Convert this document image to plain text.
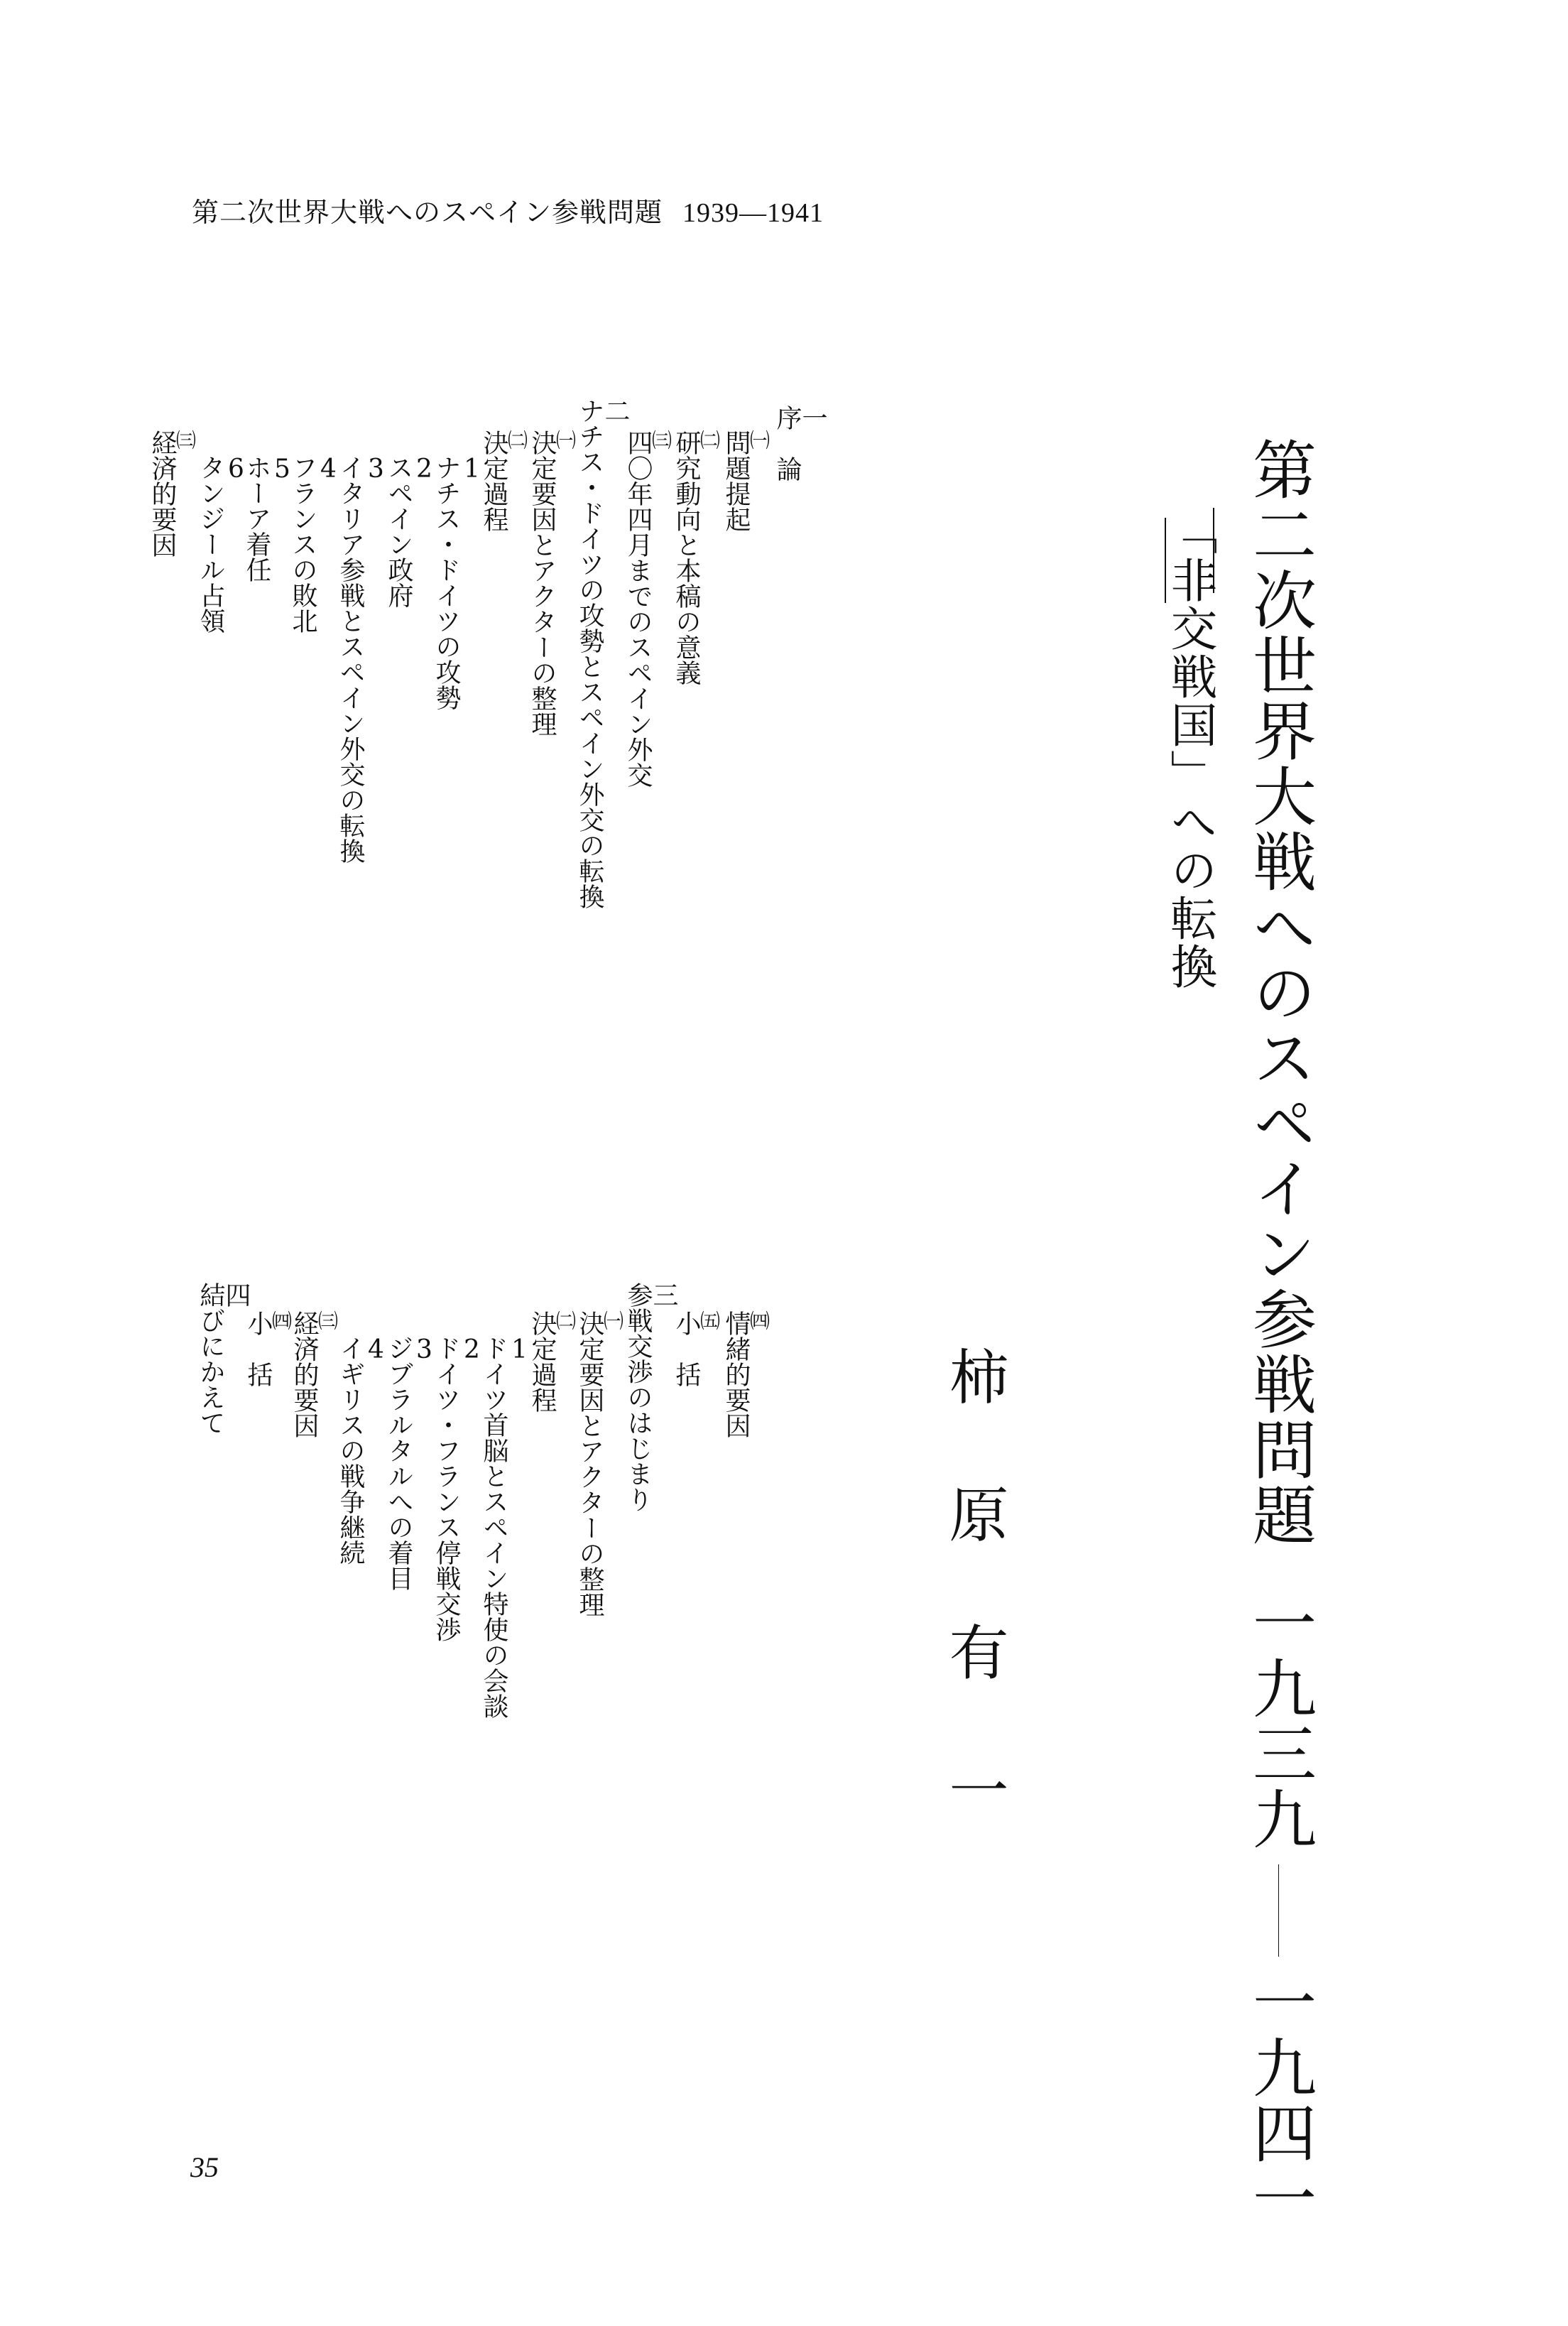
第二次世界大戦へのスペイン参戦問題 1939—1941
第二次世界大戦へのスペイン参戦問題一九三九一九四一
「非交戦国」への転換
柿原有一
一
序　論
㈠
問題提起
㈡
研究動向と本稿の意義
㈢
四〇年四月までのスペイン外交
二
ナチス・ドイツの攻勢とスペイン外交の転換
㈠
決定要因とアクターの整理
㈡
決定過程
1
ナチス・ドイツの攻勢
2
スペイン政府
3
イタリア参戦とスペイン外交の転換
4
フランスの敗北
5
ホーア着任
6
タンジール占領
㈢
経済的要因
㈣
情緒的要因
㈤
小　括
三
参戦交渉のはじまり
㈠
決定要因とアクターの整理
㈡
決定過程
1
ドイツ首脳とスペイン特使の会談
2
ドイツ・フランス停戦交渉
3
ジブラルタルへの着目
4
イギリスの戦争継続
㈢
経済的要因
㈣
小　括
四
結びにかえて
35
